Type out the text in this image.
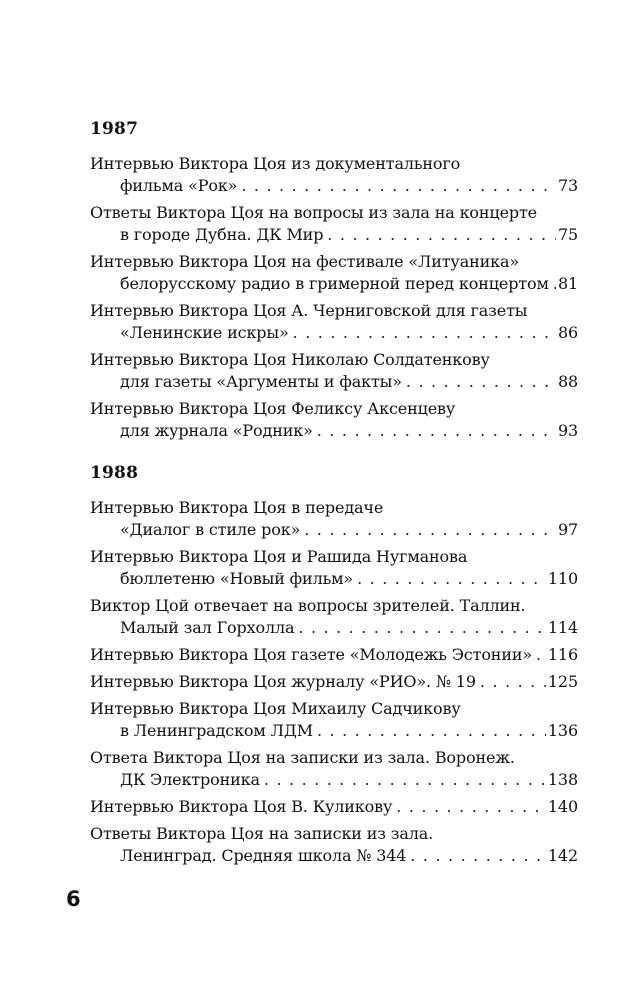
1987
Интервью Виктора Цоя из документального
фильма «Рок» . . .	73
Ответы Виктора Цоя на вопросы из зала на концерте
в городе Дубна. ДК Мир . . .	75
Интервью Виктора Цоя на фестивале «Литуаника»
белорусскому радио в гримерной перед концертом . . . 81
Интервью Виктора Цоя А. Черниговской для газеты
«Ленинские искры» . . .	86
Интервью Виктора Цоя Николаю Солдатенкову
для газеты «Аргументы и факты» . . .	88
Интервью Виктора Цоя Феликсу Аксенцеву
для журнала «Родник» . . .	93
1988
Интервью Виктора Цоя в передаче
«Диалог в стиле рок» . . .	97
Интервью Виктора Цоя и Рашида Нугманова
бюллетеню «Новый фильм» . . .	110
Виктор Цой отвечает на вопросы зрителей. Таллин.
Малый зал Горхолла . . .	114
Интервью Виктора Цоя газете «Молодежь Эстонии» . . . 116
Интервью Виктора Цоя журналу «РИО». № 19 . . .	125
Интервью Виктора Цоя Михаилу Садчикову
в Ленинградском ЛДМ . . .	136
Ответа Виктора Цоя на записки из зала. Воронеж.
ДК Электроника . . .	138
Интервью Виктора Цоя В. Куликову . . .	140
Ответы Виктора Цоя на записки из зала.
Ленинград. Средняя школа № 344 . . .	142
6
